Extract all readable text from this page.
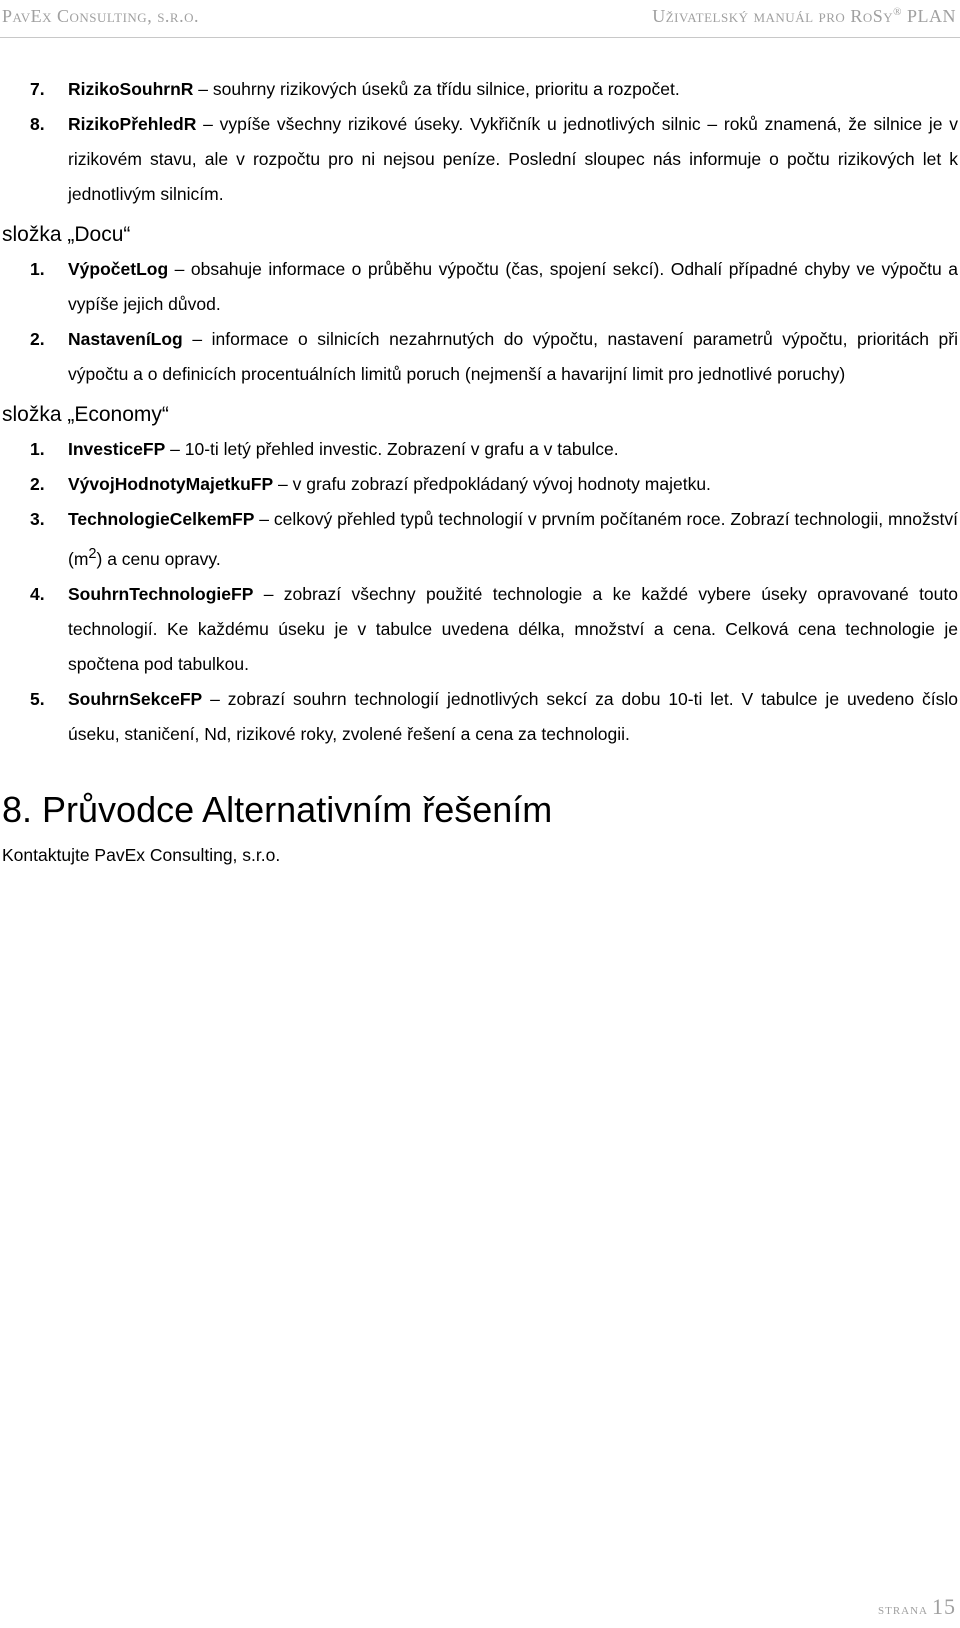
PavEx Consulting, s.r.o.	Uživatelský manuál pro RoSy® PLAN

7. RizikoSouhrnR – souhrny rizikových úseků za třídu silnice, prioritu a rozpočet.

8. RizikoPřehledR – vypíše všechny rizikové úseky. Vykřičník u jednotlivých silnic – roků znamená, že silnice je v rizikovém stavu, ale v rozpočtu pro ni nejsou peníze. Poslední sloupec nás informuje o počtu rizikových let k jednotlivým silnicím.

složka „Docu“

1. VýpočetLog – obsahuje informace o průběhu výpočtu (čas, spojení sekcí). Odhalí případné chyby ve výpočtu a vypíše jejich důvod.

2. NastaveníLog – informace o silnicích nezahrnutých do výpočtu, nastavení parametrů výpočtu, prioritách při výpočtu a o definicích procentuálních limitů poruch (nejmenší a havarijní limit pro jednotlivé poruchy)

složka „Economy“

1. InvesticeFP – 10-ti letý přehled investic. Zobrazení v grafu a v tabulce.

2. VývojHodnotyMajetkuFP – v grafu zobrazí předpokládaný vývoj hodnoty majetku.

3. TechnologieCelkemFP – celkový přehled typů technologií v prvním počítaném roce. Zobrazí technologii, množství $(m^2)$ a cenu opravy.

4. SouhrnTechnologieFP – zobrazí všechny použité technologie a ke každé vybere úseky opravované touto technologií. Ke každému úseku je v tabulce uvedena délka, množství a cena. Celková cena technologie je spočtena pod tabulkou.

5. SouhrnSekceFP – zobrazí souhrn technologií jednotlivých sekcí za dobu 10-ti let. V tabulce je uvedeno číslo úseku, staničení, Nd, rizikové roky, zvolené řešení a cena za technologii.

8. Průvodce Alternativním řešením

Kontaktujte PavEx Consulting, s.r.o.

strana 15
